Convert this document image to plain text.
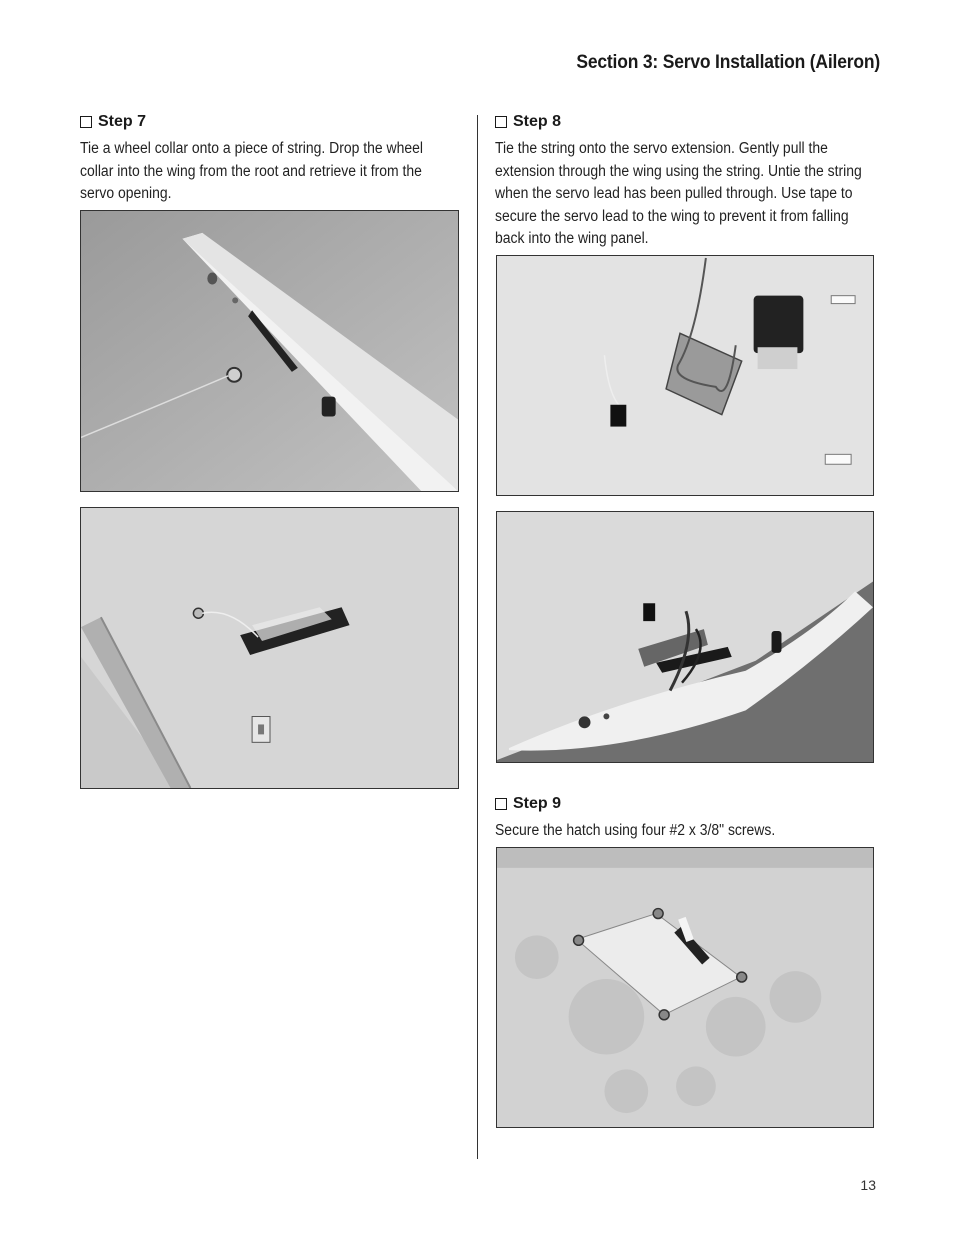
Section 3: Servo Installation (Aileron)
Step 7
Tie a wheel collar onto a piece of string. Drop the wheel collar into the wing from the root and retrieve it from the servo opening.
Step 8
Tie the string onto the servo extension. Gently pull the extension through the wing using the string. Untie the string when the servo lead has been pulled through. Use tape to secure the servo lead to the wing to prevent it from falling back into the wing panel.
Step 9
Secure the hatch using four #2 x 3/8" screws.
13
